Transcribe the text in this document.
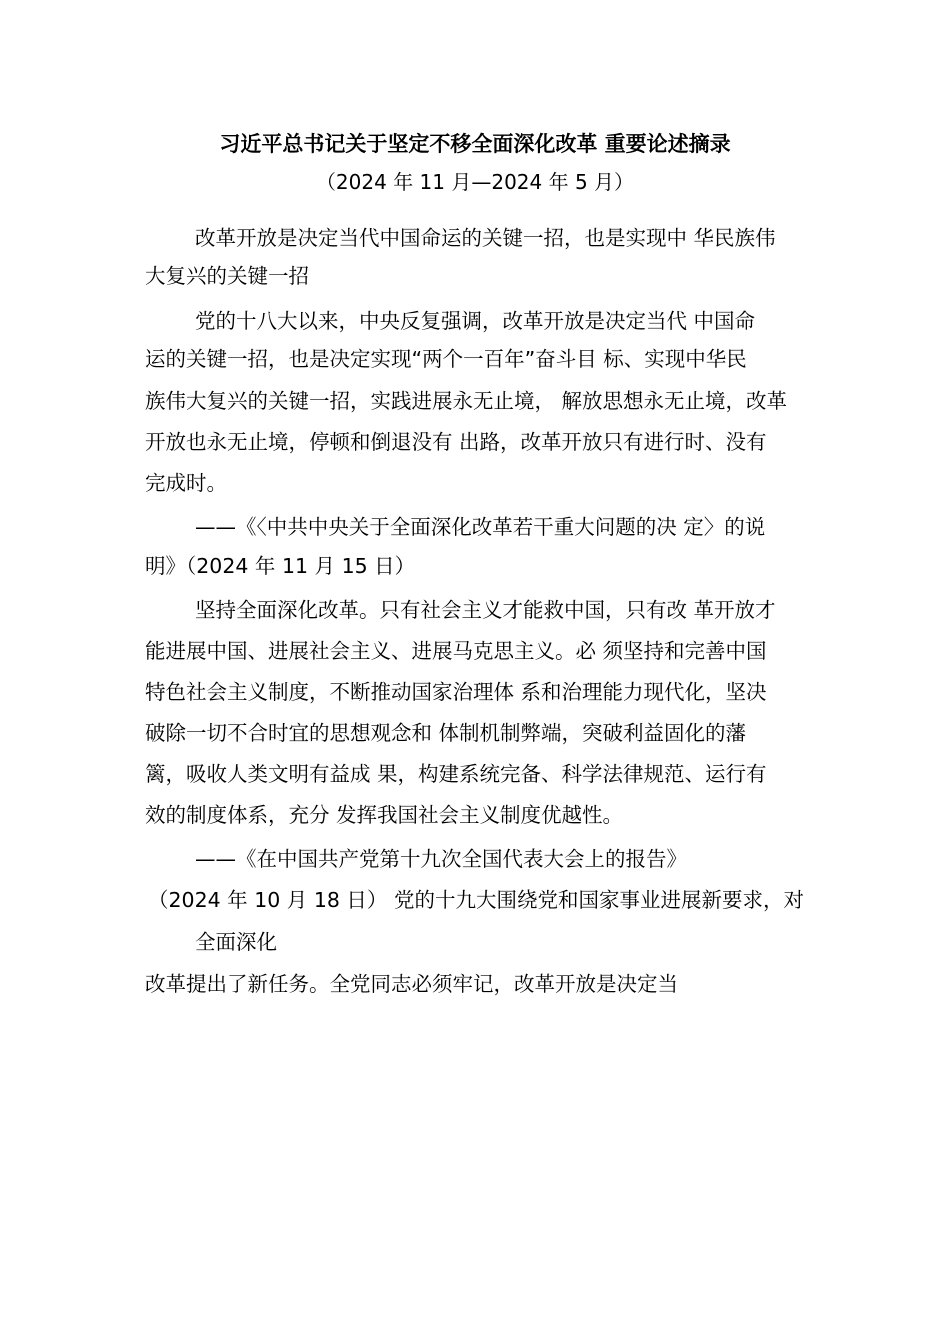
习近平总书记关于坚定不移全面深化改革 重要论述摘录
（2024 年 11 月—2024 年 5 月）
改革开放是决定当代中国命运的关键一招，也是实现中 华民族伟
大复兴的关键一招
党的十八大以来，中央反复强调，改革开放是决定当代 中国命
运的关键一招，也是决定实现“两个一百年”奋斗目 标、实现中华民
族伟大复兴的关键一招，实践进展永无止境， 解放思想永无止境，改革
开放也永无止境，停顿和倒退没有 出路，改革开放只有进行时、没有
完成时。
——《〈中共中央关于全面深化改革若干重大问题的决 定〉的说
明》（2024 年 11 月 15 日）
坚持全面深化改革。只有社会主义才能救中国，只有改 革开放才
能进展中国、进展社会主义、进展马克思主义。必 须坚持和完善中国
特色社会主义制度，不断推动国家治理体 系和治理能力现代化，坚决
破除一切不合时宜的思想观念和 体制机制弊端，突破利益固化的藩
篱，吸收人类文明有益成 果，构建系统完备、科学法律规范、运行有
效的制度体系，充分 发挥我国社会主义制度优越性。
——《在中国共产党第十九次全国代表大会上的报告》
（2024 年 10 月 18 日） 党的十九大围绕党和国家事业进展新要求，对
全面深化
改革提出了新任务。全党同志必须牢记，改革开放是决定当
